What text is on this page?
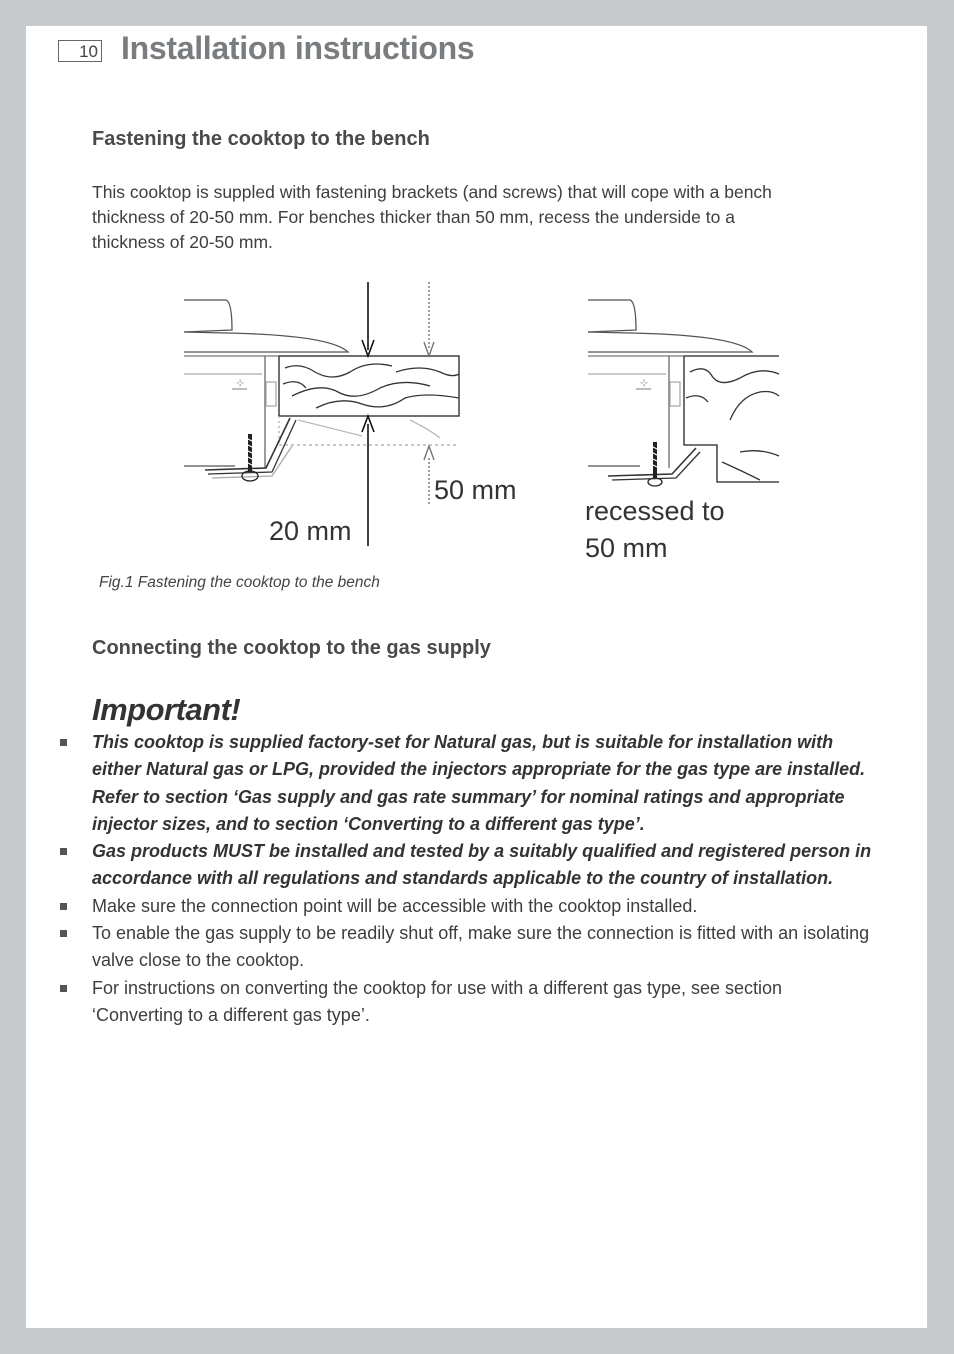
10 Installation instructions
Fastening the cooktop to the bench

This cooktop is suppled with fastening brackets (and screws) that will cope with a bench thickness of 20-50 mm. For benches thicker than 50 mm, recess the underside to a thickness of 20-50 mm.

⊹	⊹
50 mm
20 mm
recessed to
50 mm
Fig.1 Fastening the cooktop to the bench
Connecting the cooktop to the gas supply
Important!
This cooktop is supplied factory-set for Natural gas, but is suitable for installation with either Natural gas or LPG, provided the injectors appropriate for the gas type are installed. Refer to section ‘Gas supply and gas rate summary’ for nominal ratings and appropriate injector sizes, and to section ‘Converting to a different gas type’.
Gas products MUST be installed and tested by a suitably qualified and registered person in accordance with all regulations and standards applicable to the country of installation.
Make sure the connection point will be accessible with the cooktop installed.
To enable the gas supply to be readily shut off, make sure the connection is fitted with an isolating valve close to the cooktop.
For instructions on converting the cooktop for use with a different gas type, see section ‘Converting to a different gas type’.
